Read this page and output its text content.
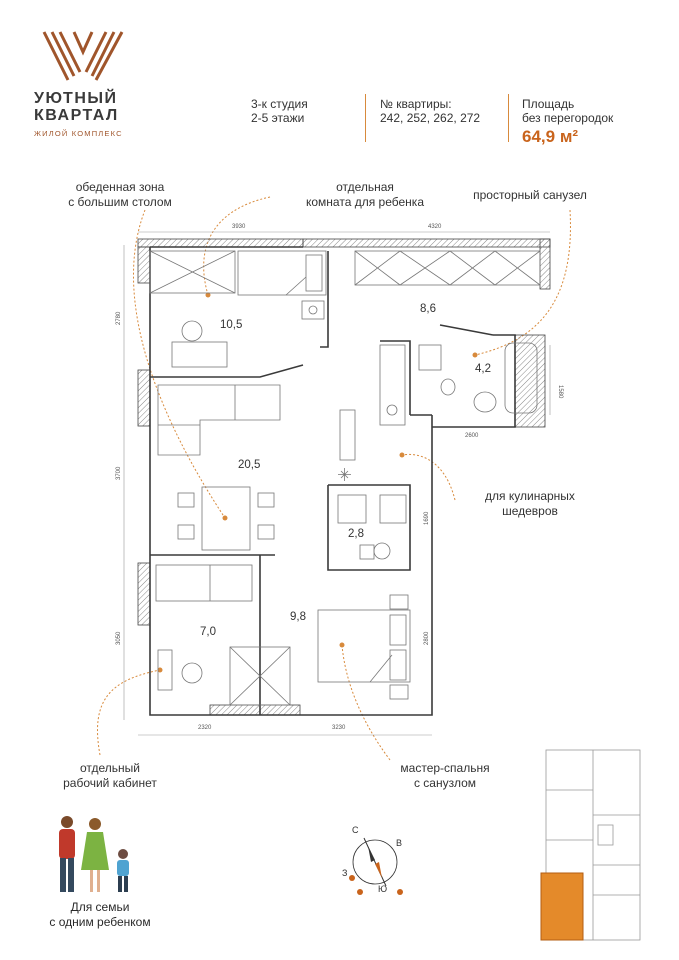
УЮТНЫЙ
КВАРТАЛ
ЖИЛОЙ КОМПЛЕКС
3-к студия
2-5 этажи
№ квартиры:
242, 252, 262, 272
Площадь
без перегородок
64,9 м²
обеденная зона
с большим столом
отдельная
комната для ребенка	просторный санузел
для кулинарных
шедевров
отдельный
рабочий кабинет
мастер-спальня
с санузлом
10,5
8,6
4,2
20,5
2,8
7,0
9,8
3930	4320
2780
3700
3050
1580
2600
1690
2800
2320	3230
Для семьи
с одним ребенком
С
В
Ю
З
